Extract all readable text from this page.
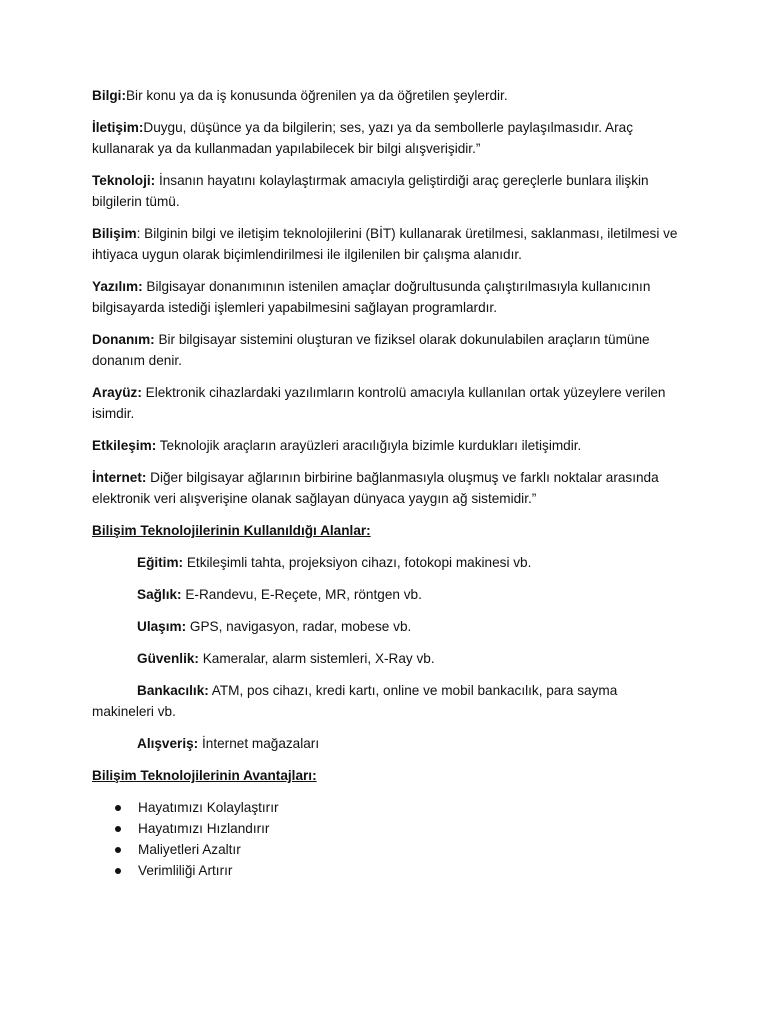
Bilgi:Bir konu ya da iş konusunda öğrenilen ya da öğretilen şeylerdir.

İletişim:Duygu, düşünce ya da bilgilerin; ses, yazı ya da sembollerle paylaşılmasıdır. Araç kullanarak ya da kullanmadan yapılabilecek bir bilgi alışverişidir.”

Teknoloji: İnsanın hayatını kolaylaştırmak amacıyla geliştirdiği araç gereçlerle bunlara ilişkin bilgilerin tümü.

Bilişim: Bilginin bilgi ve iletişim teknolojilerini (BİT) kullanarak üretilmesi, saklanması, iletilmesi ve ihtiyaca uygun olarak biçimlendirilmesi ile ilgilenilen bir çalışma alanıdır.

Yazılım: Bilgisayar donanımının istenilen amaçlar doğrultusunda çalıştırılmasıyla kullanıcının bilgisayarda istediği işlemleri yapabilmesini sağlayan programlardır.

Donanım: Bir bilgisayar sistemini oluşturan ve fiziksel olarak dokunulabilen araçların tümüne donanım denir.

Arayüz: Elektronik cihazlardaki yazılımların kontrolü amacıyla kullanılan ortak yüzeylere verilen isimdir.

Etkileşim: Teknolojik araçların arayüzleri aracılığıyla bizimle kurdukları iletişimdir.

İnternet: Diğer bilgisayar ağlarının birbirine bağlanmasıyla oluşmuş ve farklı noktalar arasında elektronik veri alışverişine olanak sağlayan dünyaca yaygın ağ sistemidir.”

Bilişim Teknolojilerinin Kullanıldığı Alanlar:

Eğitim: Etkileşimli tahta, projeksiyon cihazı, fotokopi makinesi vb.

Sağlık: E-Randevu, E-Reçete, MR, röntgen vb.

Ulaşım: GPS, navigasyon, radar, mobese vb.

Güvenlik: Kameralar, alarm sistemleri, X-Ray vb.

Bankacılık: ATM, pos cihazı, kredi kartı, online ve mobil bankacılık, para sayma makineleri vb.

Alışveriş: İnternet mağazaları

Bilişim Teknolojilerinin Avantajları:

Hayatımızı Kolaylaştırır
Hayatımızı Hızlandırır
Maliyetleri Azaltır
Verimliliği Artırır
